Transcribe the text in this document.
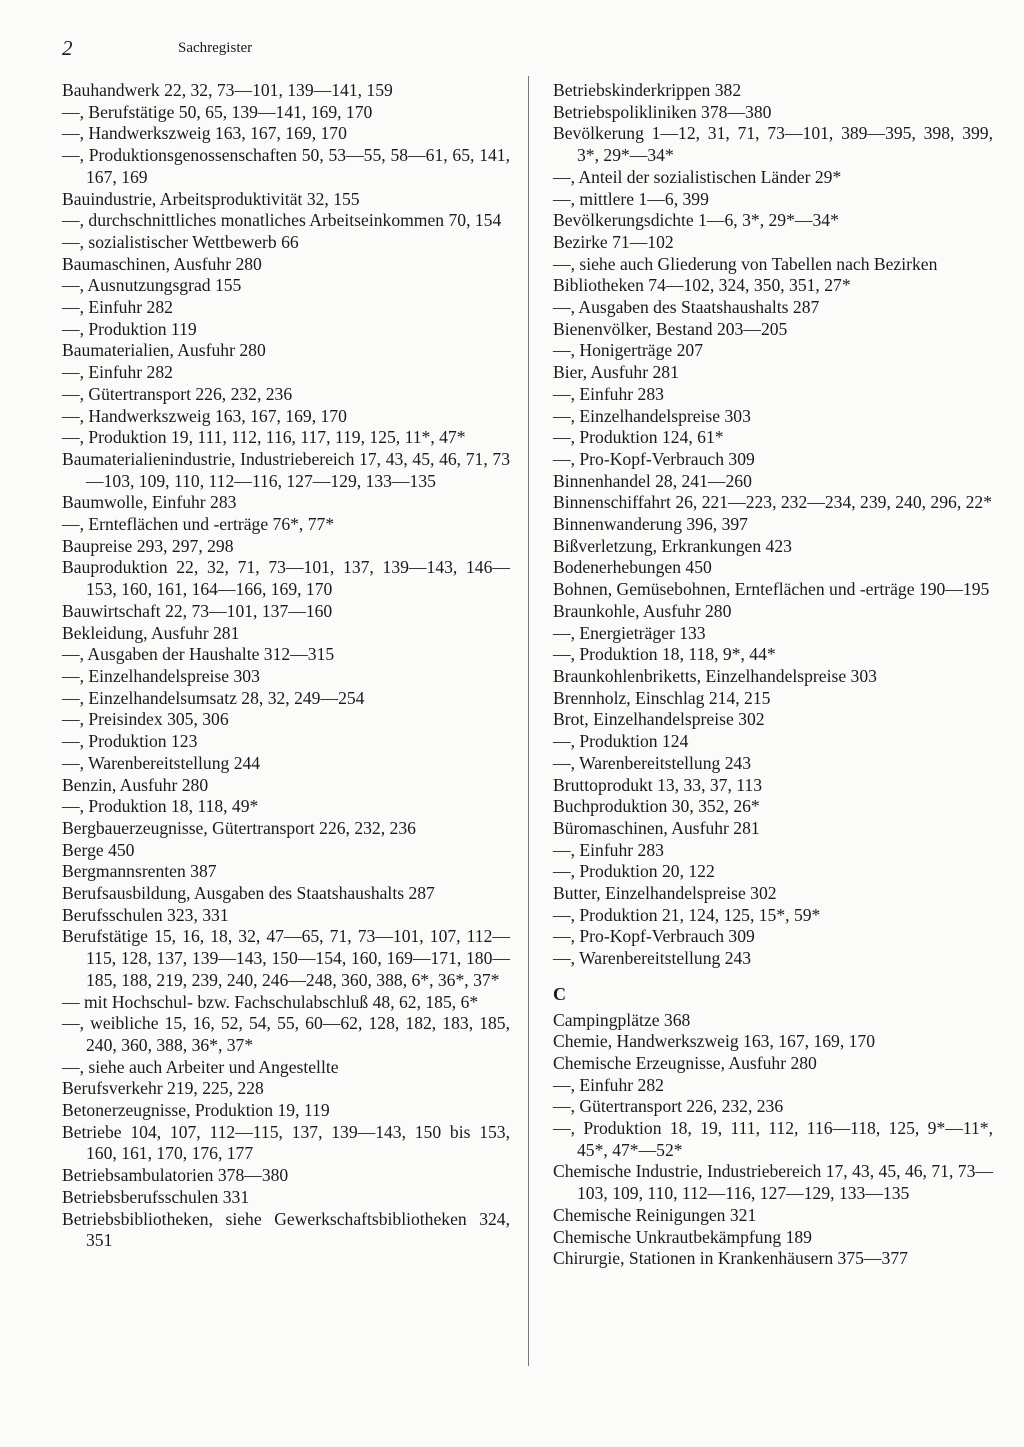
2	Sachregister
Bauhandwerk 22, 32, 73—101, 139—141, 159
—, Berufstätige 50, 65, 139—141, 169, 170
—, Handwerkszweig 163, 167, 169, 170
—, Produktionsgenossenschaften 50, 53—55, 58—61, 65, 141, 167, 169
Bauindustrie, Arbeitsproduktivität 32, 155
—, durchschnittliches monatliches Arbeitseinkommen 70, 154
—, sozialistischer Wettbewerb 66
Baumaschinen, Ausfuhr 280
—, Ausnutzungsgrad 155
—, Einfuhr 282
—, Produktion 119
Baumaterialien, Ausfuhr 280
—, Einfuhr 282
—, Gütertransport 226, 232, 236
—, Handwerkszweig 163, 167, 169, 170
—, Produktion 19, 111, 112, 116, 117, 119, 125, 11*, 47*
Baumaterialienindustrie, Industriebereich 17, 43, 45, 46, 71, 73—103, 109, 110, 112—116, 127—129, 133—135
Baumwolle, Einfuhr 283
—, Ernteflächen und -erträge 76*, 77*
Baupreise 293, 297, 298
Bauproduktion 22, 32, 71, 73—101, 137, 139—143, 146—153, 160, 161, 164—166, 169, 170
Bauwirtschaft 22, 73—101, 137—160
Bekleidung, Ausfuhr 281
—, Ausgaben der Haushalte 312—315
—, Einzelhandelspreise 303
—, Einzelhandelsumsatz 28, 32, 249—254
—, Preisindex 305, 306
—, Produktion 123
—, Warenbereitstellung 244
Benzin, Ausfuhr 280
—, Produktion 18, 118, 49*
Bergbauerzeugnisse, Gütertransport 226, 232, 236
Berge 450
Bergmannsrenten 387
Berufsausbildung, Ausgaben des Staatshaushalts 287
Berufsschulen 323, 331
Berufstätige 15, 16, 18, 32, 47—65, 71, 73—101, 107, 112—115, 128, 137, 139—143, 150—154, 160, 169—171, 180—185, 188, 219, 239, 240, 246—248, 360, 388, 6*, 36*, 37*
— mit Hochschul- bzw. Fachschulabschluß 48, 62, 185, 6*
—, weibliche 15, 16, 52, 54, 55, 60—62, 128, 182, 183, 185, 240, 360, 388, 36*, 37*
—, siehe auch Arbeiter und Angestellte
Berufsverkehr 219, 225, 228
Betonerzeugnisse, Produktion 19, 119
Betriebe 104, 107, 112—115, 137, 139—143, 150 bis 153, 160, 161, 170, 176, 177
Betriebsambulatorien 378—380
Betriebsberufsschulen 331
Betriebsbibliotheken, siehe Gewerkschaftsbibliotheken 324, 351
Betriebskinderkrippen 382
Betriebspolikliniken 378—380
Bevölkerung 1—12, 31, 71, 73—101, 389—395, 398, 399, 3*, 29*—34*
—, Anteil der sozialistischen Länder 29*
—, mittlere 1—6, 399
Bevölkerungsdichte 1—6, 3*, 29*—34*
Bezirke 71—102
—, siehe auch Gliederung von Tabellen nach Bezirken
Bibliotheken 74—102, 324, 350, 351, 27*
—, Ausgaben des Staatshaushalts 287
Bienenvölker, Bestand 203—205
—, Honigerträge 207
Bier, Ausfuhr 281
—, Einfuhr 283
—, Einzelhandelspreise 303
—, Produktion 124, 61*
—, Pro-Kopf-Verbrauch 309
Binnenhandel 28, 241—260
Binnenschiffahrt 26, 221—223, 232—234, 239, 240, 296, 22*
Binnenwanderung 396, 397
Bißverletzung, Erkrankungen 423
Bodenerhebungen 450
Bohnen, Gemüsebohnen, Ernteflächen und -erträge 190—195
Braunkohle, Ausfuhr 280
—, Energieträger 133
—, Produktion 18, 118, 9*, 44*
Braunkohlenbriketts, Einzelhandelspreise 303
Brennholz, Einschlag 214, 215
Brot, Einzelhandelspreise 302
—, Produktion 124
—, Warenbereitstellung 243
Bruttoprodukt 13, 33, 37, 113
Buchproduktion 30, 352, 26*
Büromaschinen, Ausfuhr 281
—, Einfuhr 283
—, Produktion 20, 122
Butter, Einzelhandelspreise 302
—, Produktion 21, 124, 125, 15*, 59*
—, Pro-Kopf-Verbrauch 309
—, Warenbereitstellung 243
C
Campingplätze 368
Chemie, Handwerkszweig 163, 167, 169, 170
Chemische Erzeugnisse, Ausfuhr 280
—, Einfuhr 282
—, Gütertransport 226, 232, 236
—, Produktion 18, 19, 111, 112, 116—118, 125, 9*—11*, 45*, 47*—52*
Chemische Industrie, Industriebereich 17, 43, 45, 46, 71, 73—103, 109, 110, 112—116, 127—129, 133—135
Chemische Reinigungen 321
Chemische Unkrautbekämpfung 189
Chirurgie, Stationen in Krankenhäusern 375—377
